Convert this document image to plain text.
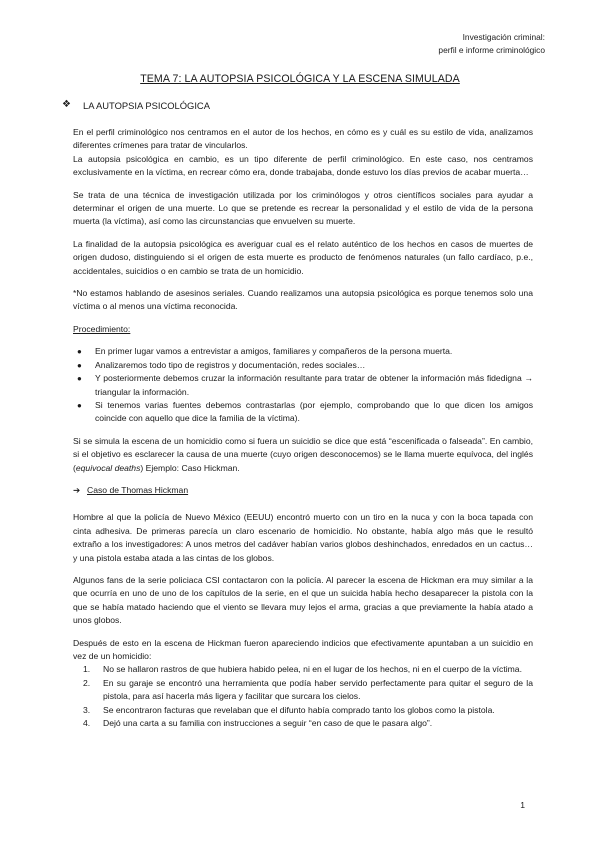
Investigación criminal:
perfil e informe criminológico
TEMA 7: LA AUTOPSIA PSICOLÓGICA Y LA ESCENA SIMULADA
❖ LA AUTOPSIA PSICOLÓGICA

En el perfil criminológico nos centramos en el autor de los hechos, en cómo es y cuál es su estilo de vida, analizamos diferentes crímenes para tratar de vincularlos.

La autopsia psicológica en cambio, es un tipo diferente de perfil criminológico. En este caso, nos centramos exclusivamente en la víctima, en recrear cómo era, donde trabajaba, donde estuvo los días previos de acabar muerta…

Se trata de una técnica de investigación utilizada por los criminólogos y otros científicos sociales para ayudar a determinar el origen de una muerte. Lo que se pretende es recrear la personalidad y el estilo de vida de la persona muerta (la víctima), así como las circunstancias que envuelven su muerte.

La finalidad de la autopsia psicológica es averiguar cual es el relato auténtico de los hechos en casos de muertes de origen dudoso, distinguiendo si el origen de esta muerte es producto de fenómenos naturales (un fallo cardíaco, p.e., accidentales, suicidios o en cambio se trata de un homicidio.

*No estamos hablando de asesinos seriales. Cuando realizamos una autopsia psicológica es porque tenemos solo una víctima o al menos una víctima reconocida.

Procedimiento:

● En primer lugar vamos a entrevistar a amigos, familiares y compañeros de la persona muerta.
● Analizaremos todo tipo de registros y documentación, redes sociales…
● Y posteriormente debemos cruzar la información resultante para tratar de obtener la información más fidedigna → triangular la información.
● Si tenemos varias fuentes debemos contrastarlas (por ejemplo, comprobando que lo que dicen los amigos coincide con aquello que dice la familia de la víctima).

Si se simula la escena de un homicidio como si fuera un suicidio se dice que está “escenificada o falseada”. En cambio, si el objetivo es esclarecer la causa de una muerte (cuyo origen desconocemos) se le llama muerte equívoca, del inglés (equivocal deaths) Ejemplo: Caso Hickman.

➔ Caso de Thomas Hickman

Hombre al que la policía de Nuevo México (EEUU) encontró muerto con un tiro en la nuca y con la boca tapada con cinta adhesiva. De primeras parecía un claro escenario de homicidio. No obstante, había algo más que le resultó extraño a los investigadores: A unos metros del cadáver habían varios globos deshinchados, enredados en un cactus… y una pistola estaba atada a las cintas de los globos.

Algunos fans de la serie policiaca CSI contactaron con la policía. Al parecer la escena de Hickman era muy similar a la que ocurría en uno de uno de los capítulos de la serie, en el que un suicida había hecho desaparecer la pistola con la que se había matado haciendo que el viento se llevara muy lejos el arma, gracias a que previamente la había atado a unos globos.

Después de esto en la escena de Hickman fueron apareciendo indicios que efectivamente apuntaban a un suicidio en vez de un homicidio:

1. No se hallaron rastros de que hubiera habido pelea, ni en el lugar de los hechos, ni en el cuerpo de la víctima.
2. En su garaje se encontró una herramienta que podía haber servido perfectamente para quitar el seguro de la pistola, para así hacerla más ligera y facilitar que surcara los cielos.
3. Se encontraron facturas que revelaban que el difunto había comprado tanto los globos como la pistola.
4. Dejó una carta a su familia con instrucciones a seguir “en caso de que le pasara algo”.
1
